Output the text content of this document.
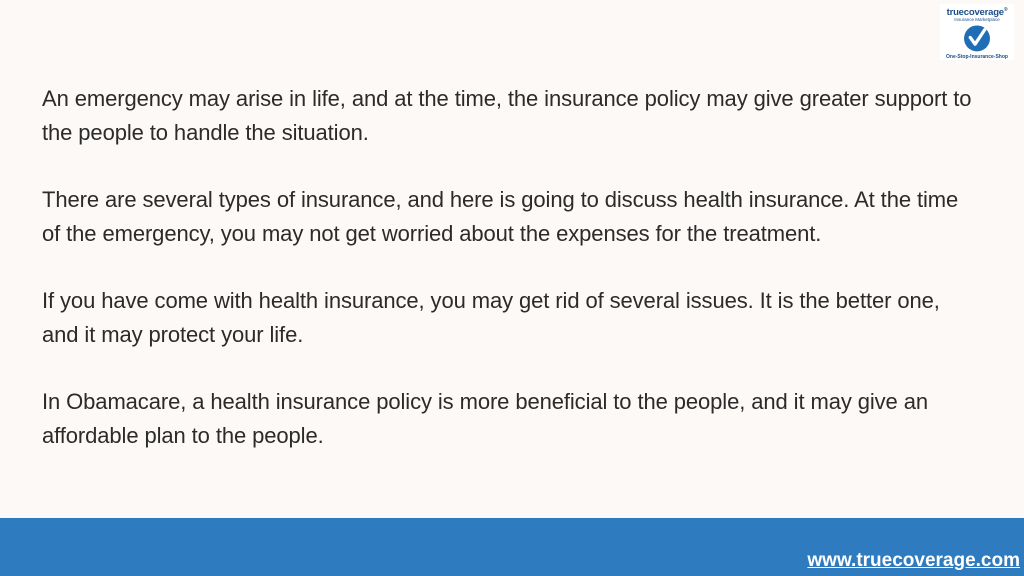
truecoverage®
Insurance Marketplace
One-Stop-Insurance-Shop

An emergency may arise in life, and at the time, the insurance policy may give greater support to the people to handle the situation.

There are several types of insurance, and here is going to discuss health insurance. At the time of the emergency, you may not get worried about the expenses for the treatment.

If you have come with health insurance, you may get rid of several issues. It is the better one, and it may protect your life.

In Obamacare, a health insurance policy is more beneficial to the people, and it may give an affordable plan to the people.

www.truecoverage.com
